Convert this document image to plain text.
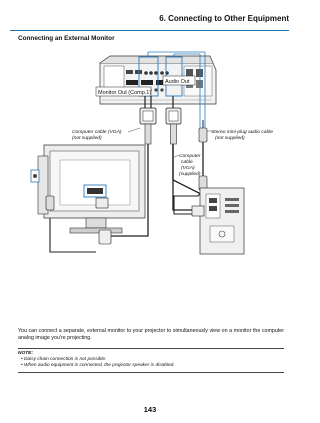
6. Connecting to Other Equipment
Connecting an External Monitor
Audio Out
Monitor Out (Comp.1)
Computer cable (VGA)
(not supplied)
Stereo mini-plug audio cable
(not supplied)
Computer
cable
(VGA)
(supplied)
You can connect a separate, external monitor to your projector to simultaneously view on a monitor the computer analog image you’re projecting.
NOTE:
• Daisy chain connection is not possible.
• When audio equipment is connected, the projector speaker is disabled.
143
